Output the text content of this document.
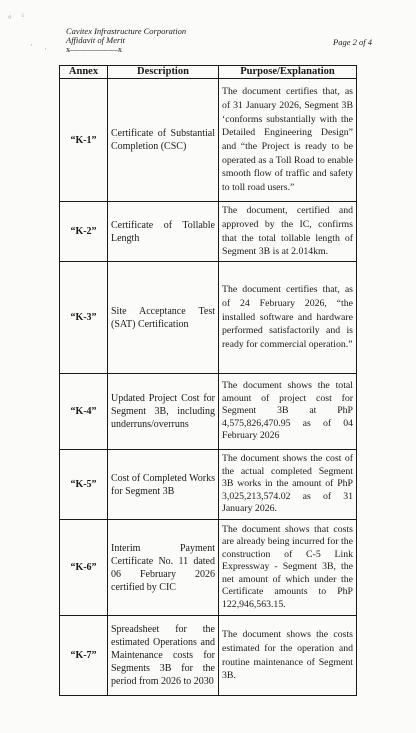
° ⁱ
· ·
Cavitex Infrastructure Corporation
Affidavit of Merit	Page 2 of 4
x———————x
Annex	Description	Purpose/Explanation
“K-1”	Certificate of Substantial Completion (CSC)	The document certifies that, as of 31 January 2026, Segment 3B ‘conforms substantially with the Detailed Engineering Design” and “the Project is ready to be operated as a Toll Road to enable smooth flow of traffic and safety to toll road users.”
“K-2”	Certificate of Tollable Length	The document, certified and approved by the IC, confirms that the total tollable length of Segment 3B is at 2.014km.
“K-3”	Site Acceptance Test (SAT) Certification	The document certifies that, as of 24 February 2026, “the installed software and hardware performed satisfactorily and is ready for commercial operation.”
“K-4”	Updated Project Cost for Segment 3B, including underruns/overruns	The document shows the total amount of project cost for Segment 3B at PhP 4,575,826,470.95 as of 04 February 2026
“K-5”	Cost of Completed Works for Segment 3B	The document shows the cost of the actual completed Segment 3B works in the amount of PhP 3,025,213,574.02 as of 31 January 2026.
“K-6”	Interim Payment Certificate No. 11 dated 06 February 2026 certified by CIC	The document shows that costs are already being incurred for the construction of C-5 Link Expressway - Segment 3B, the net amount of which under the Certificate amounts to PhP 122,946,563.15.
“K-7”	Spreadsheet for the estimated Operations and Maintenance costs for Segments 3B for the period from 2026 to 2030	The document shows the costs estimated for the operation and routine maintenance of Segment 3B.
